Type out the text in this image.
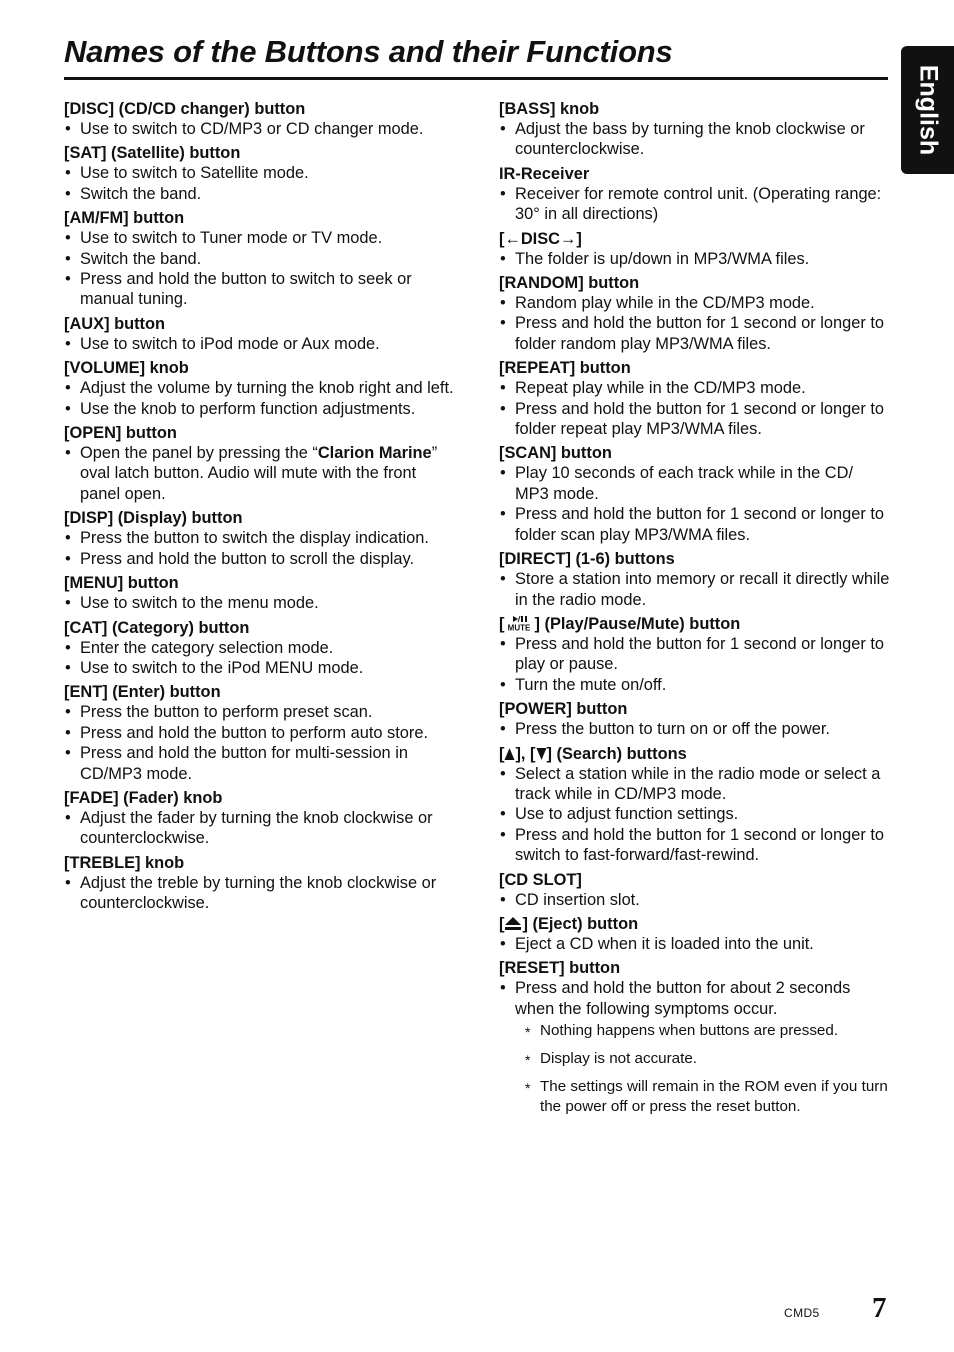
Names of the Buttons and their Functions
English
[DISC] (CD/CD changer) button
• Use to switch to CD/MP3 or CD changer mode.
[SAT] (Satellite) button
• Use to switch to Satellite mode.
• Switch the band.
[AM/FM] button
• Use to switch to Tuner mode or TV mode.
• Switch the band.
• Press and hold the button to switch to seek or manual tuning.
[AUX] button
• Use to switch to iPod mode or Aux mode.
[VOLUME] knob
• Adjust the volume by turning the knob right and left.
• Use the knob to perform function adjustments.
[OPEN] button
• Open the panel by pressing the “Clarion Marine” oval latch button. Audio will mute with the front panel open.
[DISP] (Display) button
• Press the button to switch the display indication.
• Press and hold the button to scroll the display.
[MENU] button
• Use to switch to the menu mode.
[CAT] (Category) button
• Enter the category selection mode.
• Use to switch to the iPod MENU mode.
[ENT] (Enter) button
• Press the button to perform preset scan.
• Press and hold the button to perform auto store.
• Press and hold the button for multi-session in CD/MP3 mode.
[FADE] (Fader) knob
• Adjust the fader by turning the knob clockwise or counterclockwise.
[TREBLE] knob
• Adjust the treble by turning the knob clockwise or counterclockwise.
[BASS] knob
• Adjust the bass by turning the knob clockwise or counterclockwise.
IR-Receiver
• Receiver for remote control unit. (Operating range: 30° in all directions)
[←DISC→]
• The folder is up/down in MP3/WMA files.
[RANDOM] button
• Random play while in the CD/MP3 mode.
• Press and hold the button for 1 second or longer to folder random play MP3/WMA files.
[REPEAT] button
• Repeat play while in the CD/MP3 mode.
• Press and hold the button for 1 second or longer to folder repeat play MP3/WMA files.
[SCAN] button
• Play 10 seconds of each track while in the CD/ MP3 mode.
• Press and hold the button for 1 second or longer to folder scan play MP3/WMA files.
[DIRECT] (1-6) buttons
• Store a station into memory or recall it directly while in the radio mode.
[ MUTE ] (Play/Pause/Mute) button
• Press and hold the button for 1 second or longer to play or pause.
• Turn the mute on/off.
[POWER] button
• Press the button to turn on or off the power.
[ ], [ ] (Search) buttons
• Select a station while in the radio mode or select a track while in CD/MP3 mode.
• Use to adjust function settings.
• Press and hold the button for 1 second or longer to switch to fast-forward/fast-rewind.
[CD SLOT]
• CD insertion slot.
[ ] (Eject) button
• Eject a CD when it is loaded into the unit.
[RESET] button
• Press and hold the button for about 2 seconds when the following symptoms occur.
* Nothing happens when buttons are pressed.
* Display is not accurate.
* The settings will remain in the ROM even if you turn the power off or press the reset button.
CMD5 7
